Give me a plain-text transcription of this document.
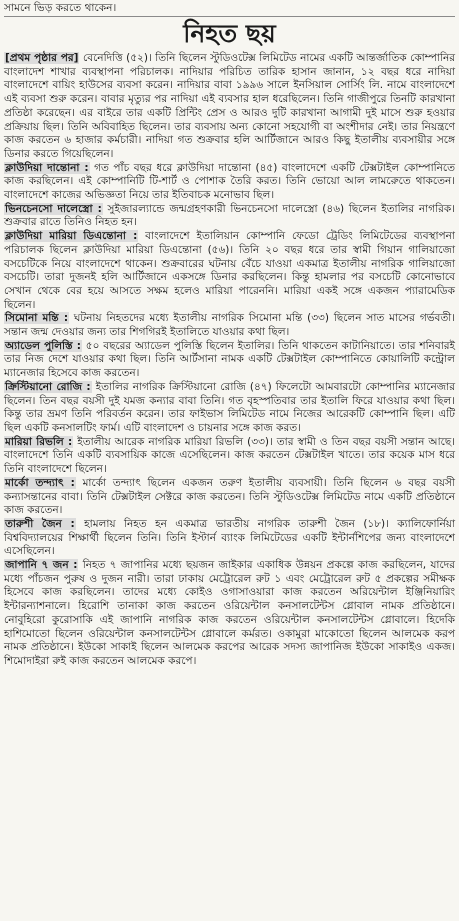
সামনে ভিড় করতে থাকেন।

নিহত ছয়

[প্রথম পৃষ্ঠার পর] বেনেদিত্তি (৫২)। তিনি ছিলেন স্টুডিওটেক্স লিমিটেড নামের একটি আন্তর্জাতিক কোম্পানির বাংলাদেশ শাখার ব্যবস্থাপনা পরিচালক। নাদিয়ার পরিচিত তারিক হাসান জানান, ১২ বছর ধরে নাদিয়া বাংলাদেশে বায়িং হাউসের ব্যবসা করেন। নাদিয়ার বাবা ১৯৯৬ সালে ইনসিয়াল সোর্সিং লি. নামে বাংলাদেশে এই ব্যবসা শুরু করেন। বাবার মৃত্যুর পর নাদিয়া এই ব্যবসার হাল ধরেছিলেন। তিনি গাজীপুরে তিনটি কারখানা প্রতিষ্ঠা করেছেন। এর বাইরে তার একটি প্রিন্টিং প্রেস ও আরও দুটি কারখানা আগামী দুই মাসে শুরু হওয়ার প্রক্রিয়ায় ছিল। তিনি অবিবাহিত ছিলেন। তার ব্যবসায় অন্য কোনো সহযোগী বা অংশীদার নেই। তার নিয়ন্ত্রণে কাজ করতেন ৬ হাজার কর্মচারী। নাদিয়া গত শুক্রবার হলি আর্টিজানে আরও কিছু ইতালীয় ব্যবসায়ীর সঙ্গে ডিনার করতে গিয়েছিলেন।

ক্লাউদিয়া দান্তোনা : গত পাঁচ বছর ধরে ক্লাউদিয়া দান্তোনা (৪৫) বাংলাদেশে একটি টেক্সটাইল কোম্পানিতে কাজ করছিলেন। এই কোম্পানিটি টি-শার্ট ও পোশাক তৈরি করত। তিনি ভোয়াে আল লামরুেতে থাকতেন। বাংলাদেশে কাজের অভিজ্ঞতা নিয়ে তার ইতিবাচক মনোভাব ছিল।

ভিনচেনসো দালেস্ত্রো : সুইজারল্যান্ডে জন্মগ্রহণকারী ভিনচেনসো দালেস্ত্রো (৪৬) ছিলেন ইতালির নাগরিক। শুক্রবার রাতে তিনিও নিহত হন।

ক্লাউদিয়া মারিয়া ডিএন্তোনা : বাংলাদেশে ইতালিয়ান কোম্পানি ফেডো ট্রেডিং লিমিটেডের ব্যবস্থাপনা পরিচালক ছিলেন ক্লাউদিয়া মারিয়া ডিএন্তোনা (৫৬)। তিনি ২০ বছর ধরে তার স্বামী গিয়ান গালিয়াজো বসচেটিকে নিয়ে বাংলাদেশে থাকেন। শুক্রবারের ঘটনায় বেঁচে যাওয়া একমাত্র ইতালীয় নাগরিক গালিয়াজো বসচেটি। তারা দুজনই হলি আর্টিজানে একসঙ্গে ডিনার করছিলেন। কিন্তু হামলার পর বসচেটি কোনোভাবে সেখান থেকে বের হয়ে আসতে সক্ষম হলেও মারিয়া পারেননি। মারিয়া একই সঙ্গে একজন প্যারামেডিক ছিলেন।

সিমোনা মন্তি : ঘটনায় নিহতদের মধ্যে ইতালীয় নাগরিক সিমোনা মন্তি (৩৩) ছিলেন সাত মাসের গর্ভবতী। সন্তান জন্ম দেওয়ার জন্য তার শিগগিরই ইতালিতে যাওয়ার কথা ছিল।

অ্যাডেল পুলিস্তি : ৫০ বছরের অ্যাডেল পুলিস্তি ছিলেন ইতালির। তিনি থাকতেন কাটানিয়াতে। তার শনিবারই তার নিজ দেশে যাওয়ার কথা ছিল। তিনি আর্টসানা নামক একটি টেক্সটাইল কোম্পানিতে কোয়ালিটি কন্ট্রোল ম্যানেজার হিসেবে কাজ করতেন।

ক্রিস্টিয়ানো রোজি : ইতালির নাগরিক ক্রিস্টিয়ানো রোজি (৪৭) ফিলেটো আমবারটো কোম্পানির ম্যানেজার ছিলেন। তিন বছর বয়সী দুই যমজ কন্যার বাবা তিনি। গত বৃহস্পতিবার তার ইতালি ফিরে যাওয়ার কথা ছিল। কিন্তু তার ভ্রমণ তিনি পরিবর্তন করেন। তার ফাইভাস লিমিটেড নামে নিজের আরেকটি কোম্পানি ছিল। এটি ছিল একটি কনসালটিং ফার্ম। এটি বাংলাদেশ ও চায়নার সঙ্গে কাজ করত।

মারিয়া রিভলি : ইতালীয় আরেক নাগরিক মারিয়া রিভলি (৩৩)। তার স্বামী ও তিন বছর বয়সী সন্তান আছে। বাংলাদেশে তিনি একটি ব্যবসায়িক কাজে এসেছিলেন। কাজ করতেন টেক্সটাইল খাতে। তার কয়েক মাস ধরে তিনি বাংলাদেশে ছিলেন।

মার্কো তন্দ্যাৎ : মার্কো তন্দ্যাৎ ছিলেন একজন তরুণ ইতালীয় ব্যবসায়ী। তিনি ছিলেন ৬ বছর বয়সী কন্যাসন্তানের বাবা। তিনি টেক্সটাইল সেক্টরে কাজ করতেন। তিনি স্টুডিওটেক্স লিমিটেড নামে একটি প্রতিষ্ঠানে কাজ করতেন।

তারুশী জৈন : হামলায় নিহত হন একমাত্র ভারতীয় নাগরিক তারুশী জৈন (১৮)। ক্যালিফোর্নিয়া বিশ্ববিদ্যালয়ের শিক্ষার্থী ছিলেন তিনি। তিনি ইস্টার্ন ব্যাংক লিমিটেডের একটি ইন্টার্নশিপের জন্য বাংলাদেশে এসেছিলেন।

জাপানি ৭ জন : নিহত ৭ জাপানির মধ্যে ছয়জন জাইকার একাধিক উন্নয়ন প্রকল্পে কাজ করছিলেন, যাদের মধ্যে পাঁচজন পুরুষ ও দুজন নারী। তারা ঢাকায় মেট্রোরেল রুট ১ এবং মেট্রোরেল রুট ৫ প্রকল্পের সমীক্ষক হিসেবে কাজ করছিলেন। তাদের মধ্যে কোইও ওগাসাওয়ারা কাজ করতেন অরিয়েন্টাল ইঞ্জিনিয়ারিং ইন্টারন্যাশনালে। হিরোশি তানাকা কাজ করতেন ওরিয়েন্টাল কনসালটেন্টস গ্লোবাল নামক প্রতিষ্ঠানে। নোবুহিরো কুরোসাকি এই জাপানি নাগরিক কাজ করতেন ওরিয়েন্টাল কনসালটেন্টস গ্লোবালে। হিদেকি হাশিমোতো ছিলেন ওরিয়েন্টাল কনসালটেন্টস গ্লোবালে কর্মরত। ওকামুরা মাকোতো ছিলেন আলমেক করপ নামক প্রতিষ্ঠানে। ইউকো সাকাই ছিলেন আলমেক করপের আরেক সদস্য জাপানিজ ইউকো সাকাইও একজ। শিমোদাইরা রুই কাজ করতেন আলমেক করপে।
